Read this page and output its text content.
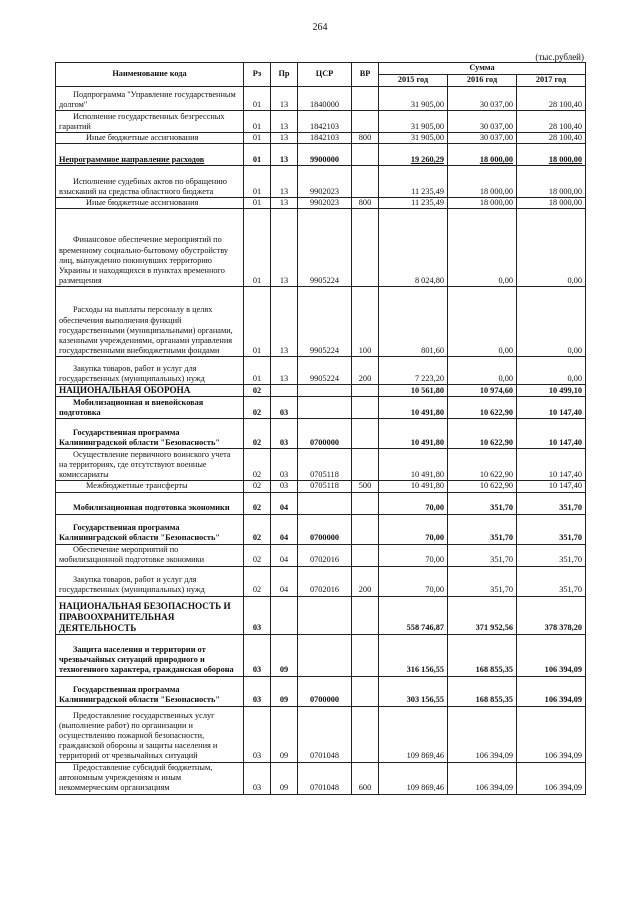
264
(тыс.рублей)
Наименование кода	Рз	Пр	ЦСР	ВР	Сумма		
					2015 год	2016 год	2017 год
Подпрограмма "Управление государственным долгом"	01	13	1840000		31 905,00	30 037,00	28 100,40
Исполнение государственных безгрессных гарантий	01	13	1842103		31 905,00	30 037,00	28 100,40
Иные бюджетные ассигнования	01	13	1842103	800	31 905,00	30 037,00	28 100,40
Непрограммное направление расходов	01	13	9900000		19 260,29	18 000,00	18 000,00
Исполнение судебных актов по обращению взысканий на средства областного бюджета	01	13	9902023		11 235,49	18 000,00	18 000,00
Иные бюджетные ассигнования	01	13	9902023	800	11 235,49	18 000,00	18 000,00
Финансовое обеспечение мероприятий по временному социально-бытовому обустройству лиц, вынужденно покинувших территорию Украины и находящихся в пунктах временного размещения	01	13	9905224		8 024,80	0,00	0,00
Расходы на выплаты персоналу в целях обеспечения выполнения функций государственными (муниципальными) органами, казенными учреждениями, органами управления государственными внебюджетными фондами	01	13	9905224	100	801,60	0,00	0,00
Закупка товаров, работ и услуг для государственных (муниципальных) нужд	01	13	9905224	200	7 223,20	0,00	0,00
НАЦИОНАЛЬНАЯ ОБОРОНА	02				10 561,80	10 974,60	10 499,10
Мобилизационная и вневойсковая подготовка	02	03			10 491,80	10 622,90	10 147,40
Государственная программа Калининградской области "Безопасность"	02	03	0700000		10 491,80	10 622,90	10 147,40
Осуществление первичного воинского учета на территориях, где отсутствуют военные комиссариаты	02	03	0705118		10 491,80	10 622,90	10 147,40
Межбюджетные трансферты	02	03	0705118	500	10 491,80	10 622,90	10 147,40
Мобилизационная подготовка экономики	02	04			70,00	351,70	351,70
Государственная программа Калининградской области "Безопасность"	02	04	0700000		70,00	351,70	351,70
Обеспечение мероприятий по мобилизационной подготовке экономики	02	04	0702016		70,00	351,70	351,70
Закупка товаров, работ и услуг для государственных (муниципальных) нужд	02	04	0702016	200	70,00	351,70	351,70
НАЦИОНАЛЬНАЯ БЕЗОПАСНОСТЬ И ПРАВООХРАНИТЕЛЬНАЯ ДЕЯТЕЛЬНОСТЬ	03				558 746,87	371 952,56	378 378,20
Защита населения и территории от чрезвычайных ситуаций природного и техногенного характера, гражданская оборона	03	09			316 156,55	168 855,35	106 394,09
Государственная программа Калининградской области "Безопасность"	03	09	0700000		303 156,55	168 855,35	106 394,09
Предоставление государственных услуг (выполнение работ) по организации и осуществлению пожарной безопасности, гражданской обороны и защиты населения и территорий от чрезвычайных ситуаций	03	09	0701048		109 869,46	106 394,09	106 394,09
Предоставление субсидий бюджетным, автономным учреждениям и иным некоммерческим организациям	03	09	0701048	600	109 869,46	106 394,09	106 394,09
